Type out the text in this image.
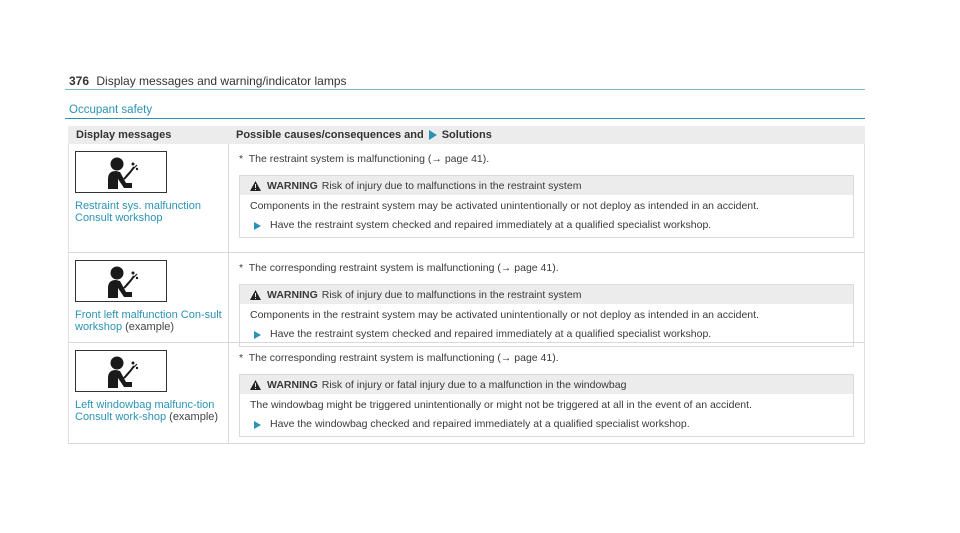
376 Display messages and warning/indicator lamps
Occupant safety
Display messages	Possible causes/consequences and Solutions
Restraint sys. malfunction Consult workshop
* The restraint system is malfunctioning (→ page 41).
WARNING Risk of injury due to malfunctions in the restraint system
Components in the restraint system may be activated unintentionally or not deploy as intended in an accident.
Have the restraint system checked and repaired immediately at a qualified specialist workshop.
Front left malfunction Con-sult workshop (example)
* The corresponding restraint system is malfunctioning (→ page 41).
WARNING Risk of injury due to malfunctions in the restraint system
Components in the restraint system may be activated unintentionally or not deploy as intended in an accident.
Have the restraint system checked and repaired immediately at a qualified specialist workshop.
Left windowbag malfunc-tion Consult work-shop (example)
* The corresponding restraint system is malfunctioning (→ page 41).
WARNING Risk of injury or fatal injury due to a malfunction in the windowbag
The windowbag might be triggered unintentionally or might not be triggered at all in the event of an accident.
Have the windowbag checked and repaired immediately at a qualified specialist workshop.
